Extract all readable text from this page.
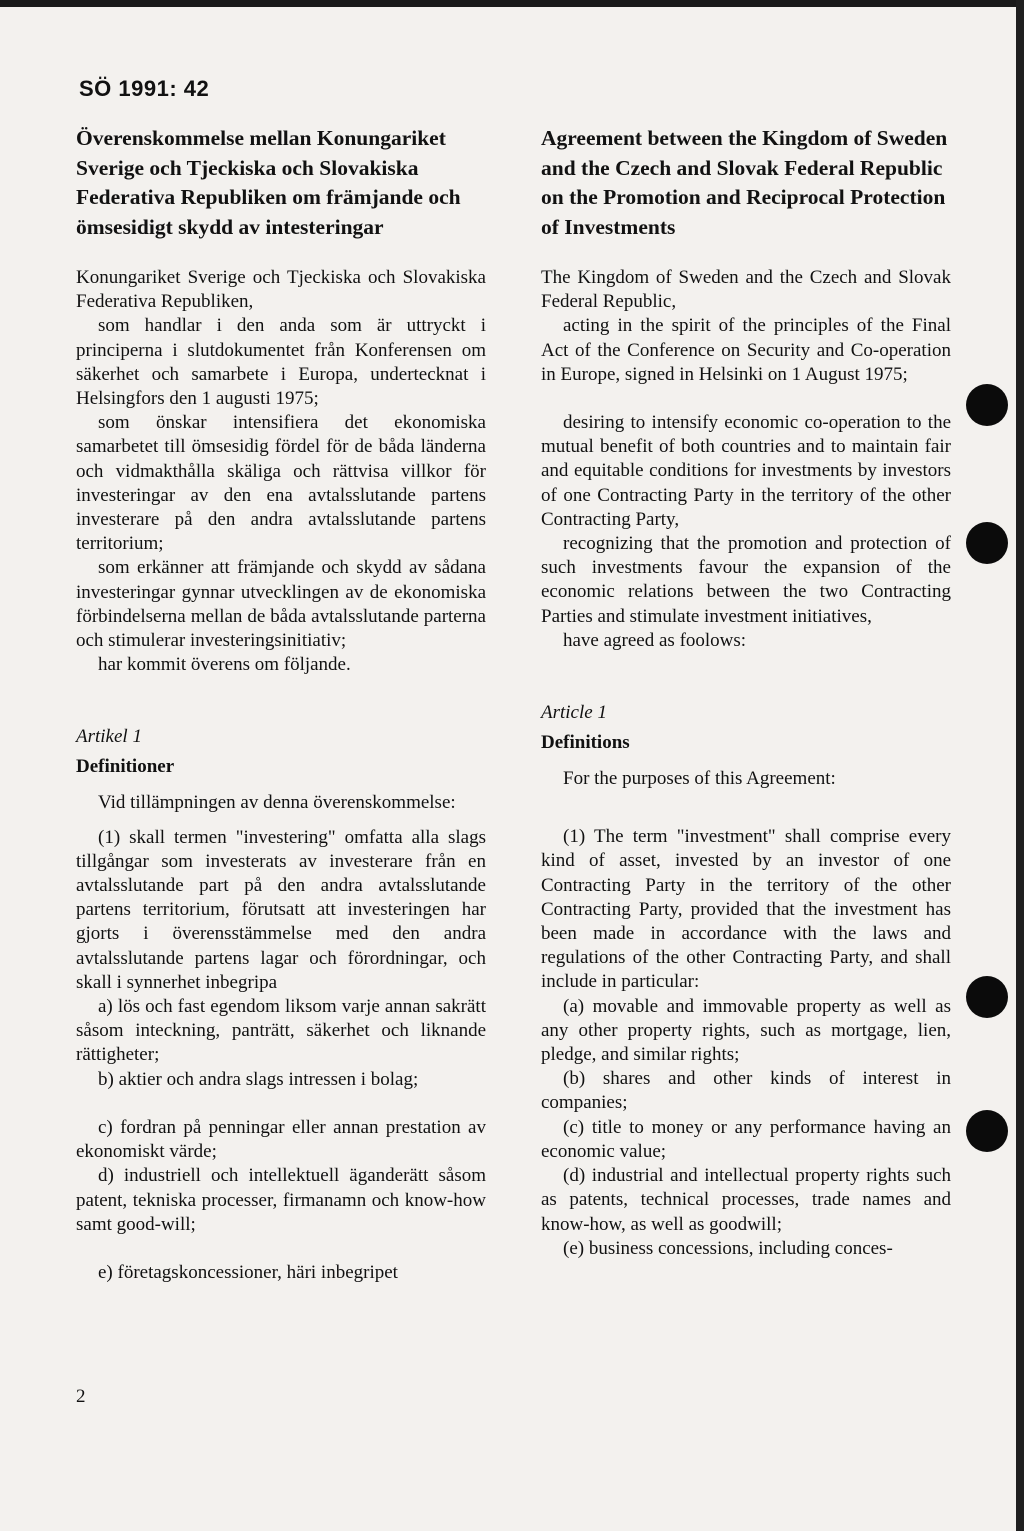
SÖ 1991: 42

Överenskommelse mellan Konungariket Sverige och Tjeckiska och Slovakiska Federativa Republiken om främjande och ömsesidigt skydd av intesteringar

Konungariket Sverige och Tjeckiska och Slovakiska Federativa Republiken,

som handlar i den anda som är uttryckt i principerna i slutdokumentet från Konferensen om säkerhet och samarbete i Europa, undertecknat i Helsingfors den 1 augusti 1975;

som önskar intensifiera det ekonomiska samarbetet till ömsesidig fördel för de båda länderna och vidmakthålla skäliga och rättvisa villkor för investeringar av den ena avtalsslutande partens investerare på den andra avtalsslutande partens territorium;

som erkänner att främjande och skydd av sådana investeringar gynnar utvecklingen av de ekonomiska förbindelserna mellan de båda avtalsslutande parterna och stimulerar investeringsinitiativ;

har kommit överens om följande.

Artikel 1

Definitioner

Vid tillämpningen av denna överenskommelse:

(1) skall termen "investering" omfatta alla slags tillgångar som investerats av investerare från en avtalsslutande part på den andra avtalsslutande partens territorium, förutsatt att investeringen har gjorts i överensstämmelse med den andra avtalsslutande partens lagar och förordningar, och skall i synnerhet inbegripa

a) lös och fast egendom liksom varje annan sakrätt såsom inteckning, panträtt, säkerhet och liknande rättigheter;

b) aktier och andra slags intressen i bolag;

c) fordran på penningar eller annan prestation av ekonomiskt värde;

d) industriell och intellektuell äganderätt såsom patent, tekniska processer, firmanamn och know-how samt good-will;

e) företagskoncessioner, häri inbegripet

Agreement between the Kingdom of Sweden and the Czech and Slovak Federal Republic on the Promotion and Reciprocal Protection of Investments

The Kingdom of Sweden and the Czech and Slovak Federal Republic,

acting in the spirit of the principles of the Final Act of the Conference on Security and Co-operation in Europe, signed in Helsinki on 1 August 1975;

desiring to intensify economic co-operation to the mutual benefit of both countries and to maintain fair and equitable conditions for investments by investors of one Contracting Party in the territory of the other Contracting Party,

recognizing that the promotion and protection of such investments favour the expansion of the economic relations between the two Contracting Parties and stimulate investment initiatives,

have agreed as foolows:

Article 1

Definitions

For the purposes of this Agreement:

(1) The term "investment" shall comprise every kind of asset, invested by an investor of one Contracting Party in the territory of the other Contracting Party, provided that the investment has been made in accordance with the laws and regulations of the other Contracting Party, and shall include in particular:

(a) movable and immovable property as well as any other property rights, such as mortgage, lien, pledge, and similar rights;

(b) shares and other kinds of interest in companies;

(c) title to money or any performance having an economic value;

(d) industrial and intellectual property rights such as patents, technical processes, trade names and know-how, as well as goodwill;

(e) business concessions, including conces-

2
